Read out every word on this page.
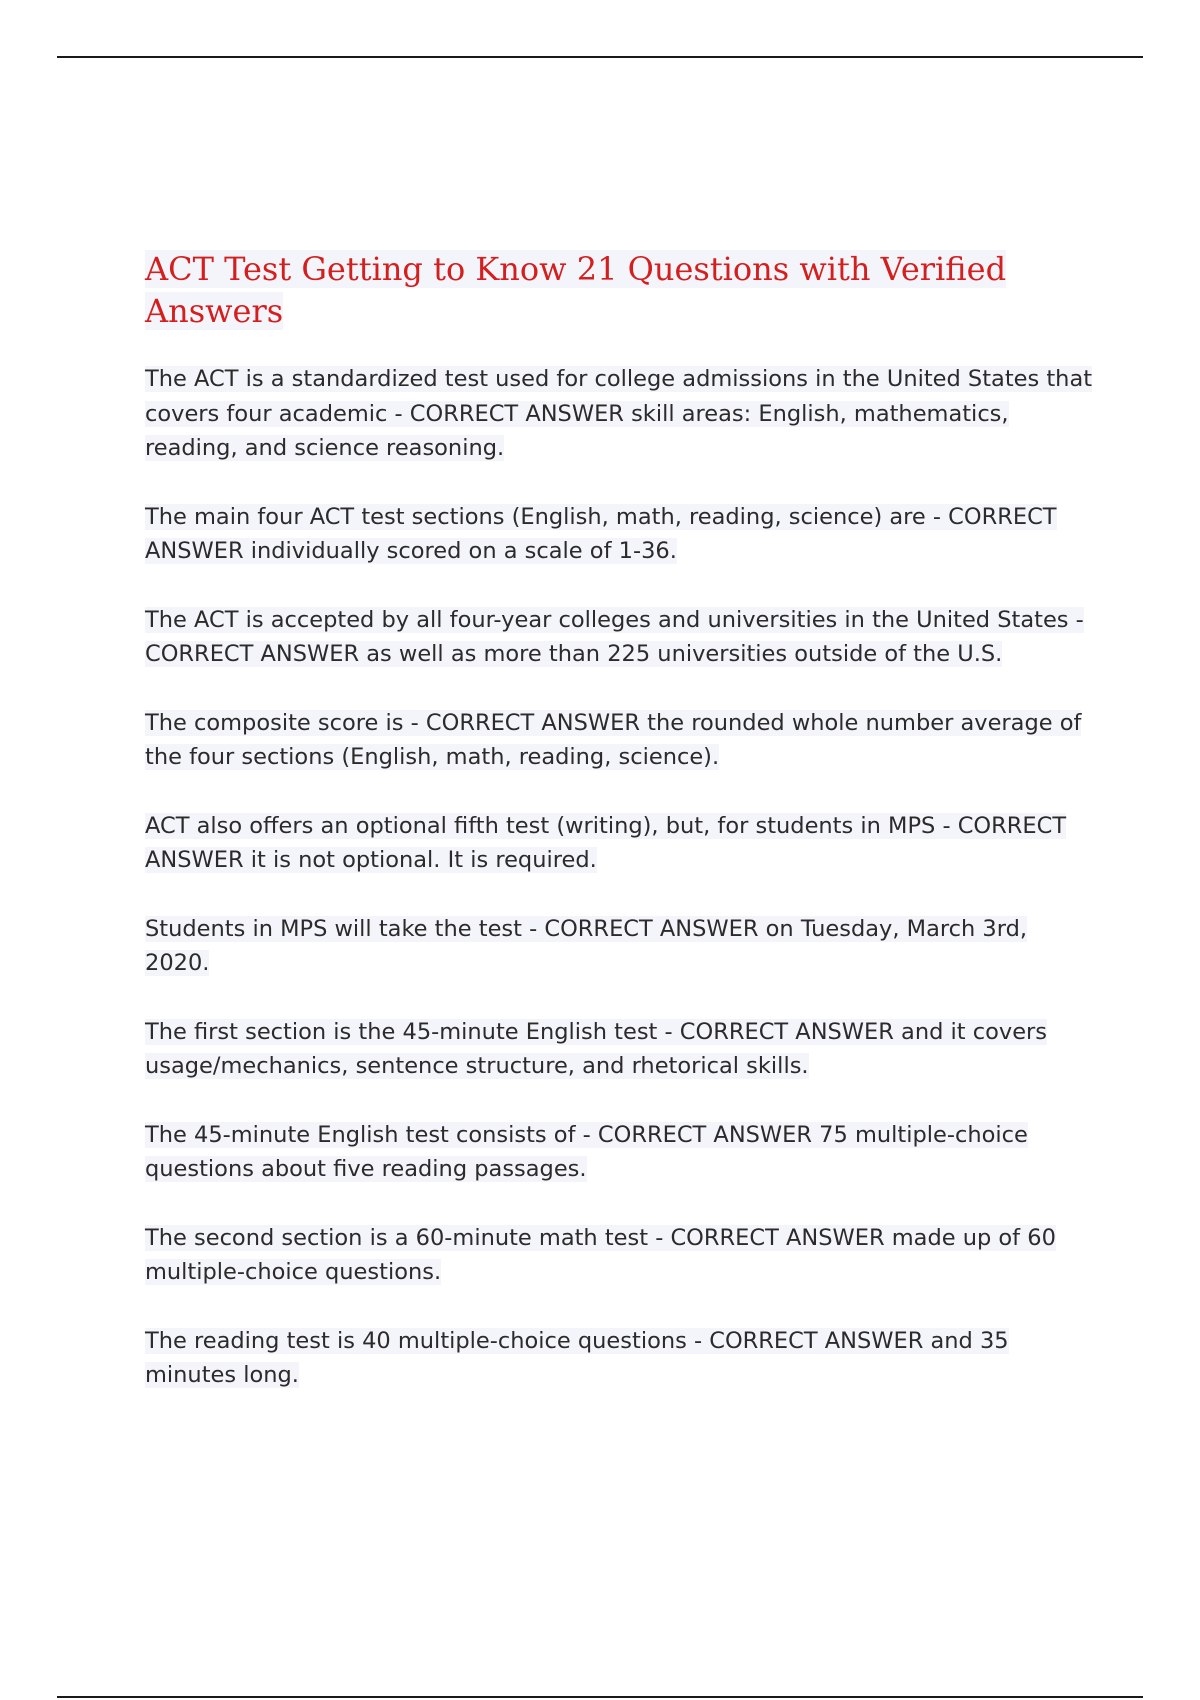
ACT Test Getting to Know 21 Questions with Verified Answers
The ACT is a standardized test used for college admissions in the United States that covers four academic - CORRECT ANSWER skill areas: English, mathematics, reading, and science reasoning.
The main four ACT test sections (English, math, reading, science) are - CORRECT ANSWER individually scored on a scale of 1-36.
The ACT is accepted by all four-year colleges and universities in the United States - CORRECT ANSWER as well as more than 225 universities outside of the U.S.
The composite score is - CORRECT ANSWER the rounded whole number average of the four sections (English, math, reading, science).
ACT also offers an optional fifth test (writing), but, for students in MPS - CORRECT ANSWER it is not optional. It is required.
Students in MPS will take the test - CORRECT ANSWER on Tuesday, March 3rd, 2020.
The first section is the 45-minute English test - CORRECT ANSWER and it covers usage/mechanics, sentence structure, and rhetorical skills.
The 45-minute English test consists of - CORRECT ANSWER 75 multiple-choice questions about five reading passages.
The second section is a 60-minute math test - CORRECT ANSWER made up of 60 multiple-choice questions.
The reading test is 40 multiple-choice questions - CORRECT ANSWER and 35 minutes long.
